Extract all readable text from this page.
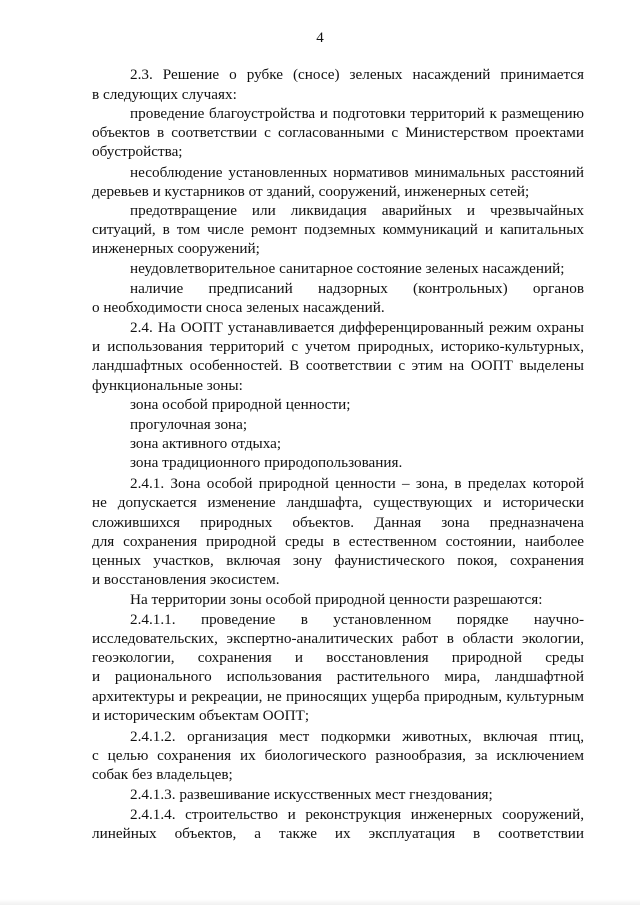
4
2.3. Решение о рубке (сносе) зеленых насаждений принимается
в следующих случаях:
проведение благоустройства и подготовки территорий к размещению
объектов в соответствии с согласованными с Министерством проектами
обустройства;
несоблюдение установленных нормативов минимальных расстояний
деревьев и кустарников от зданий, сооружений, инженерных сетей;
предотвращение или ликвидация аварийных и чрезвычайных
ситуаций, в том числе ремонт подземных коммуникаций и капитальных
инженерных сооружений;
неудовлетворительное санитарное состояние зеленых насаждений;
наличие предписаний надзорных (контрольных) органов
о необходимости сноса зеленых насаждений.
2.4. На ООПТ устанавливается дифференцированный режим охраны
и использования территорий с учетом природных, историко-культурных,
ландшафтных особенностей. В соответствии с этим на ООПТ выделены
функциональные зоны:
зона особой природной ценности;
прогулочная зона;
зона активного отдыха;
зона традиционного природопользования.
2.4.1. Зона особой природной ценности – зона, в пределах которой
не допускается изменение ландшафта, существующих и исторически
сложившихся природных объектов. Данная зона предназначена
для сохранения природной среды в естественном состоянии, наиболее
ценных участков, включая зону фаунистического покоя, сохранения
и восстановления экосистем.
На территории зоны особой природной ценности разрешаются:
2.4.1.1. проведение в установленном порядке научно-
исследовательских, экспертно-аналитических работ в области экологии,
геоэкологии, сохранения и восстановления природной среды
и рационального использования растительного мира, ландшафтной
архитектуры и рекреации, не приносящих ущерба природным, культурным
и историческим объектам ООПТ;
2.4.1.2. организация мест подкормки животных, включая птиц,
с целью сохранения их биологического разнообразия, за исключением
собак без владельцев;
2.4.1.3. развешивание искусственных мест гнездования;
2.4.1.4. строительство и реконструкция инженерных сооружений,
линейных объектов, а также их эксплуатация в соответствии
